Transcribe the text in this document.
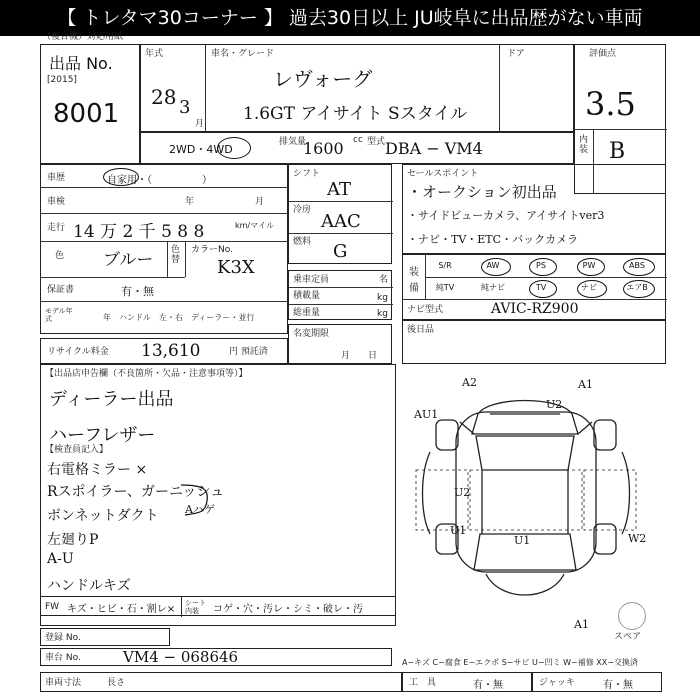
【 トレタマ30コーナー 】 過去30日以上 JU岐阜に出品歴がない車両
（複合機）対応用紙
出品 No.
[2015]
8001
年式
28 3
月
車名・グレード
レヴォーグ
1.6GT アイサイト Sスタイル
ドア	評価点
3.5
内装 B
2WD・4WD
排気量
1600 cc 型式 DBA − VM4
車歴	自家用・（　　　　　）
車検	年	月
走行 14 万 2 千 5 8 8	km/マイル
色 ブルー 色替
カラーNo.
K3X
保証書	有・無
モデル年式	年　ハンドル　左・右　ディーラー・並行
リサイクル料金 13,610	円 預託済
シフト
AT
冷房
AAC
燃料 G
乗車定員	名
積載量	kg
総重量	kg
名変期限
月　　日
セールスポイント
・オークション初出品
・サイドビューカメラ、アイサイトver3
・ナビ・TV・ETC・バックカメラ
装備
S/R	AW	PS	PW	ABS
純TV	純ナビ	TV	ナビ	エアB
ナビ型式	AVIC-RZ900
後日品
【出品店申告欄（不良箇所・欠品・注意事項等）】
ディーラー出品
ハーフレザー
【検査員記入】
右電格ミラー ×
Rスポイラー、ガーニッシュ
ボンネットダクト Aハゲ
左廻りP
A-U
ハンドルキズ
A2	A1
AU1
U2
U1
U2
W2
U1
A1
スペア
FW キズ・ヒビ・石・割レ×
シート内装	コゲ・穴・汚レ・シミ・破レ・汚
登録 No.
車台 No.	VM4 − 068646	A−キズ C−腐食 E−エクボ S−サビ U−凹ミ W−補修 XX−交換済
車両寸法	長さ	工　具	有・無	ジャッキ	有・無
